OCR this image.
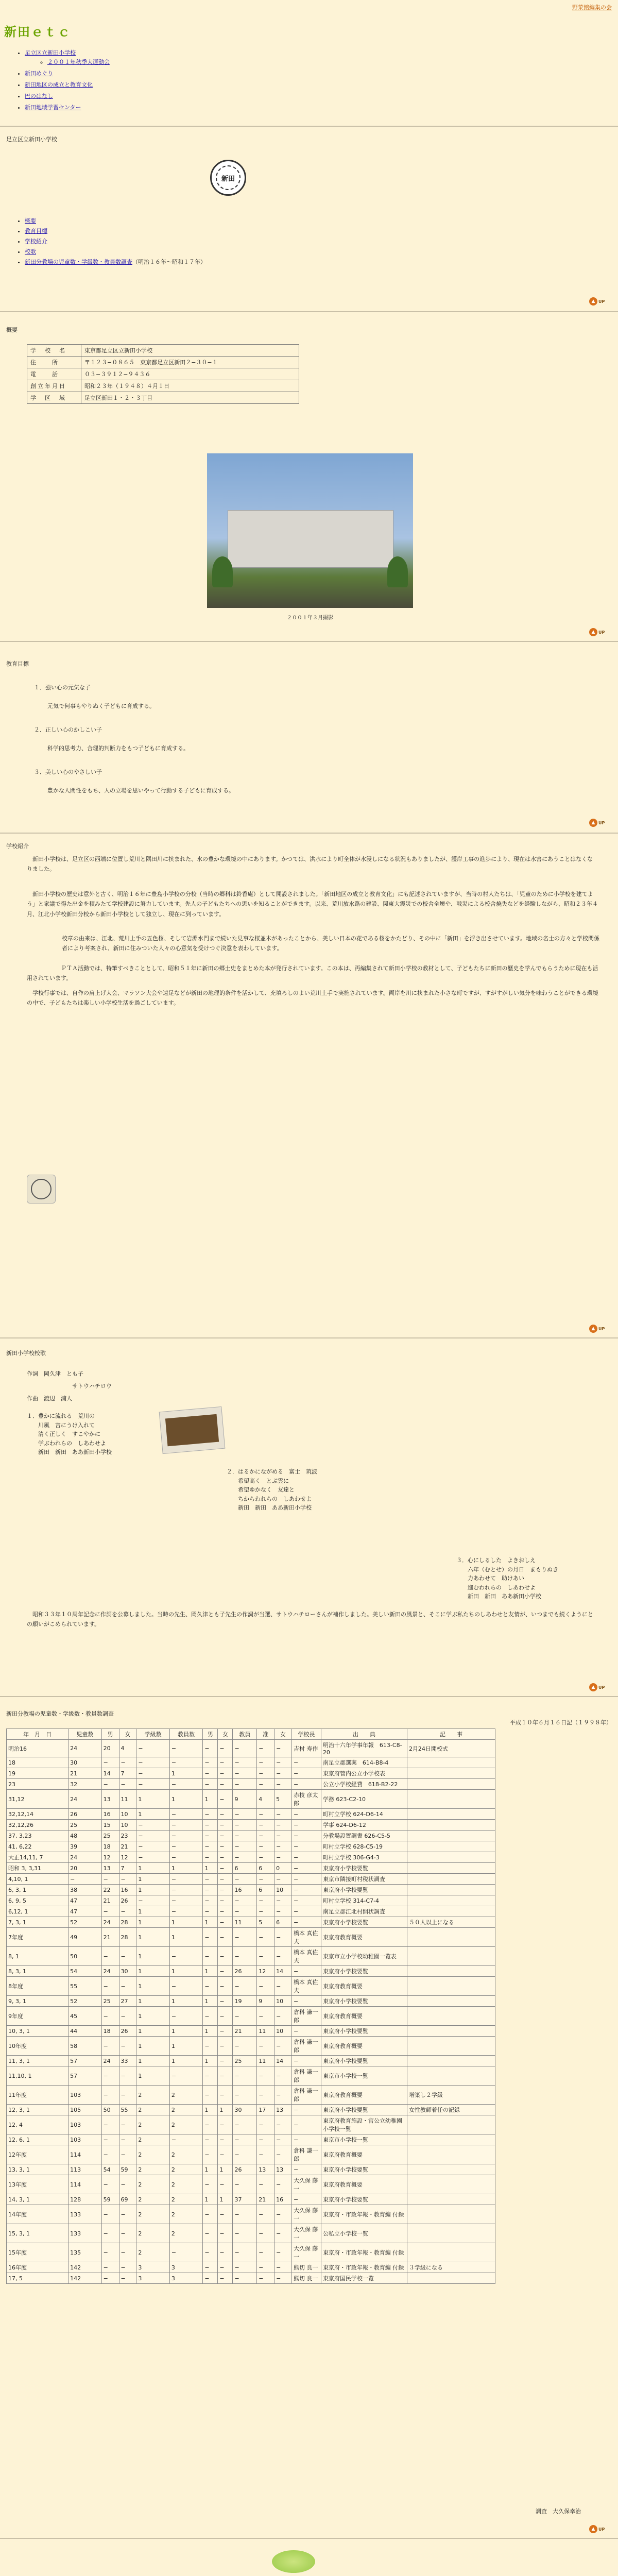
野菜館編集の会
新田ｅｔｃ
• 足立区立新田小学校
◦ ２００１年秋季大運動会
• 新田めぐり
• 新田地区の成立と教育文化
• 巴のはなし
• 新田地域学習センター
足立区立新田小学校
新田
• 概要
• 教育目標
• 学校紹介
• 校歌
• 新田分教場の児童数・学級数・教員数調査（明治１６年〜昭和１７年）
▲ UP
概要
学　校　名	東京都足立区立新田小学校
住　　所	〒１２３−０８６５　東京都足立区新田２−３０−１
電　　話	０３−３９１２−９４３６
創立年月日	昭和２３年（１９４８）４月１日
学　区　域	足立区新田１・２・３丁目
２００１年３月撮影
▲ UP
教育目標
１．強い心の元気な子
元気で何事もやりぬく子どもに育成する。
２．正しい心のかしこい子
科学的思考力、合理的判断力をもつ子どもに育成する。
３．美しい心のやさしい子
豊かな人間性をもち、人の立場を思いやって行動する子どもに育成する。
▲ UP
学校紹介
新田小学校は、足立区の西端に位置し荒川と隅田川に挟まれた、水の豊かな環境の中にあります。かつては、洪水により町全体が水浸しになる状況もありましたが、護岸工事の進歩により、現在は水害にあうことはなくなりました。
新田小学校の歴史は意外と古く、明治１６年に豊島小学校の分校（当時の郷科は鈴香庵）として開設されました。「新田地区の成立と教育文化」にも記述されていますが、当時の村人たちは、「児童のために小学校を建てよう」と衆議で得た出金を積みたて学校建設に努力しています。先人の子どもたちへの思いを知ることができます。以来、荒川放水路の建設、関東大震災での校舎全壊や、戦災による校舎焼失などを経験しながら、昭和２３年４月、江北小学校新田分校から新田小学校として独立し、現在に到っています。
校章の由来は、江北、荒川上手の五色桜、そして岩淵水門まで続いた見事な桜並木があったことから、美しい日本の花である桜をかたどり、その中に「新田」を浮き出させています。地域の名士の方々と学校関係者により考案され、新田に住みついた人々の心意気を受けつぐ決意を表わしています。
ＰＴＡ活動では、特筆すべきこととして、昭和５１年に新田の郷土史をまとめた本が発行されています。この本は、再編集されて新田小学校の教材として、子どもたちに新田の歴史を学んでもらうために現在も活用されています。
学校行事では、自作の肩上げ大会、マラソン大会や遠足などが新田の地理的条件を活かして、充填ろしのよい荒川土手で実施されています。両岸を川に挟まれた小さな町ですが、すがすがしい気分を味わうことができる環境の中で、子どもたちは楽しい小学校生活を過ごしています。
▲ UP
新田小学校校歌
作詞　岡久津　とも子
サトウハチロウ
作曲　渡辺　浦人
１．豊かに流れる　荒川の
　　川風　宮にうけ入れて
　　清く正しく　すこやかに
　　学ぶわれらの　しあわせよ
　　新田　新田　ああ新田小学校
２．はるかにながめる　富士　筑波
　　希望高く　とぶ雲に
　　希望ゆかなく　友達と
　　ちからわれらの　しあわせよ
　　新田　新田　ああ新田小学校
３．心にしるした　よきおしえ
　　六年（むとせ）の月日　まもりぬき
　　力あわせて　助けあい
　　進むわれらの　しあわせよ
　　新田　新田　ああ新田小学校
昭和３３年１０周年記念に作詞を公募しました。当時の先生、岡久津とも子先生の作詞が当選、サトウハチローさんが補作しました。美しい新田の風景と、そこに学ぶ私たちのしあわせと友情が、いつまでも続くようにとの願いがこめられています。
▲ UP
新田分教場の児童数・学級数・教員数調査
平成１０年６月１６日記（１９９８年）
年　月　日	児童数	男	女	学級数	教員数	男	女	教員	准	女	学校長	出　　典	記　　事
明治16	24	20	4	−	−	−	−	−	−	−	吉村 寿作	明治十六年学事年報　613-C8-20	2月24日開校式
18	30	−	−	−	−	−	−	−	−	−	−	南足立郡選案　614-B8-4	
19	21	14	7	−	1	−	−	−	−	−	−	東京府管内公立小学校表	
23	32	−	−	−	−	−	−	−	−	−	−	公立小学校経費　618-B2-22	
31,12	24	13	11	1	1	1	−	9	4	5	赤枝 彦太郎	学務 623-C2-10	
32,12,14	26	16	10	1	−	−	−	−	−	−	−	町村立学校 624-D6-14	
32,12,26	25	15	10	−	−	−	−	−	−	−	−	学事 624-D6-12	
37, 3,23	48	25	23	−	−	−	−	−	−	−	−	分教場設置調書 626-C5-5	
41, 6,22	39	18	21	−	−	−	−	−	−	−	−	町村立学校 628-C5-19	
大正14,11, 7	24	12	12	−	−	−	−	−	−	−	−	町村立学校 306-G4-3	
昭和 3, 3,31	20	13	7	1	1	1	−	6	6	0	−	東京府小学校要覧	
4,10, 1	−	−	−	1	−	−	−	−	−	−	−	東京市隣接町村税状調査	
6, 3, 1	38	22	16	1	−	−	−	16	6	10	−	東京府小学校要覧	
6, 9, 5	47	21	26	−	−	−	−	−	−	−	−	町村立学校 314-C7-4	
6,12, 1	47	−	−	1	−	−	−	−	−	−	−	南足立郡江北村開状調査	
7, 3, 1	52	24	28	1	1	1	−	11	5	6	−	東京府小学校要覧	５０人以上になる
7年度	49	21	28	1	1	−	−	−	−	−	橋本 真佐夫	東京府教育概要	
8, 1	50	−	−	1	−	−	−	−	−	−	橋本 真佐夫	東京市立小学校幼稚園一覧表	
8, 3, 1	54	24	30	1	1	1	−	26	12	14	−	東京府小学校要覧	
8年度	55	−	−	1	−	−	−	−	−	−	橋本 真佐夫	東京府教育概要	
9, 3, 1	52	25	27	1	1	1	−	19	9	10	−	東京府小学校要覧	
9年度	45	−	−	1	−	−	−	−	−	−	倉科 謙一郎	東京府教育概要	
10, 3, 1	44	18	26	1	1	1	−	21	11	10	−	東京府小学校要覧	
10年度	58	−	−	1	1	−	−	−	−	−	倉科 謙一郎	東京府教育概要	
11, 3, 1	57	24	33	1	1	1	−	25	11	14	−	東京府小学校要覧	
11,10, 1	57	−	−	1	−	−	−	−	−	−	倉科 謙一郎	東京市小学校一覧	
11年度	103	−	−	2	2	−	−	−	−	−	倉科 謙一郎	東京府教育概要	増築し２学級
12, 3, 1	105	50	55	2	2	1	1	30	17	13	−	東京府小学校要覧	女性教師着任の記録
12, 4	103	−	−	2	2	−	−	−	−	−	−	東京府教育施設・官公立幼稚園小学校一覧	
12, 6, 1	103	−	−	2	−	−	−	−	−	−	−	東京市小学校一覧	
12年度	114	−	−	2	2	−	−	−	−	−	倉科 謙一郎	東京府教育概要	
13, 3, 1	113	54	59	2	2	1	1	26	13	13	−	東京府小学校要覧	
13年度	114	−	−	2	2	−	−	−	−	−	大久保 藤一	東京府教育概要	
14, 3, 1	128	59	69	2	2	1	1	37	21	16	−	東京府小学校要覧	
14年度	133	−	−	2	2	−	−	−	−	−	大久保 藤一	東京府・市政年報・教育編 付録	
15, 3, 1	133	−	−	2	2	−	−	−	−	−	大久保 藤一	公私立小学校一覧	
15年度	135	−	−	2	−	−	−	−	−	−	大久保 藤一	東京府・市政年報・教育編 付録	
16年度	142	−	−	3	3	−	−	−	−	−	熊切 良一	東京府・市政年報・教育編 付録	３学級になる
17, 5	142	−	−	3	3	−	−	−	−	−	熊切 良一	東京府国民学校一覧	
調査　大久保幸治
▲ UP
